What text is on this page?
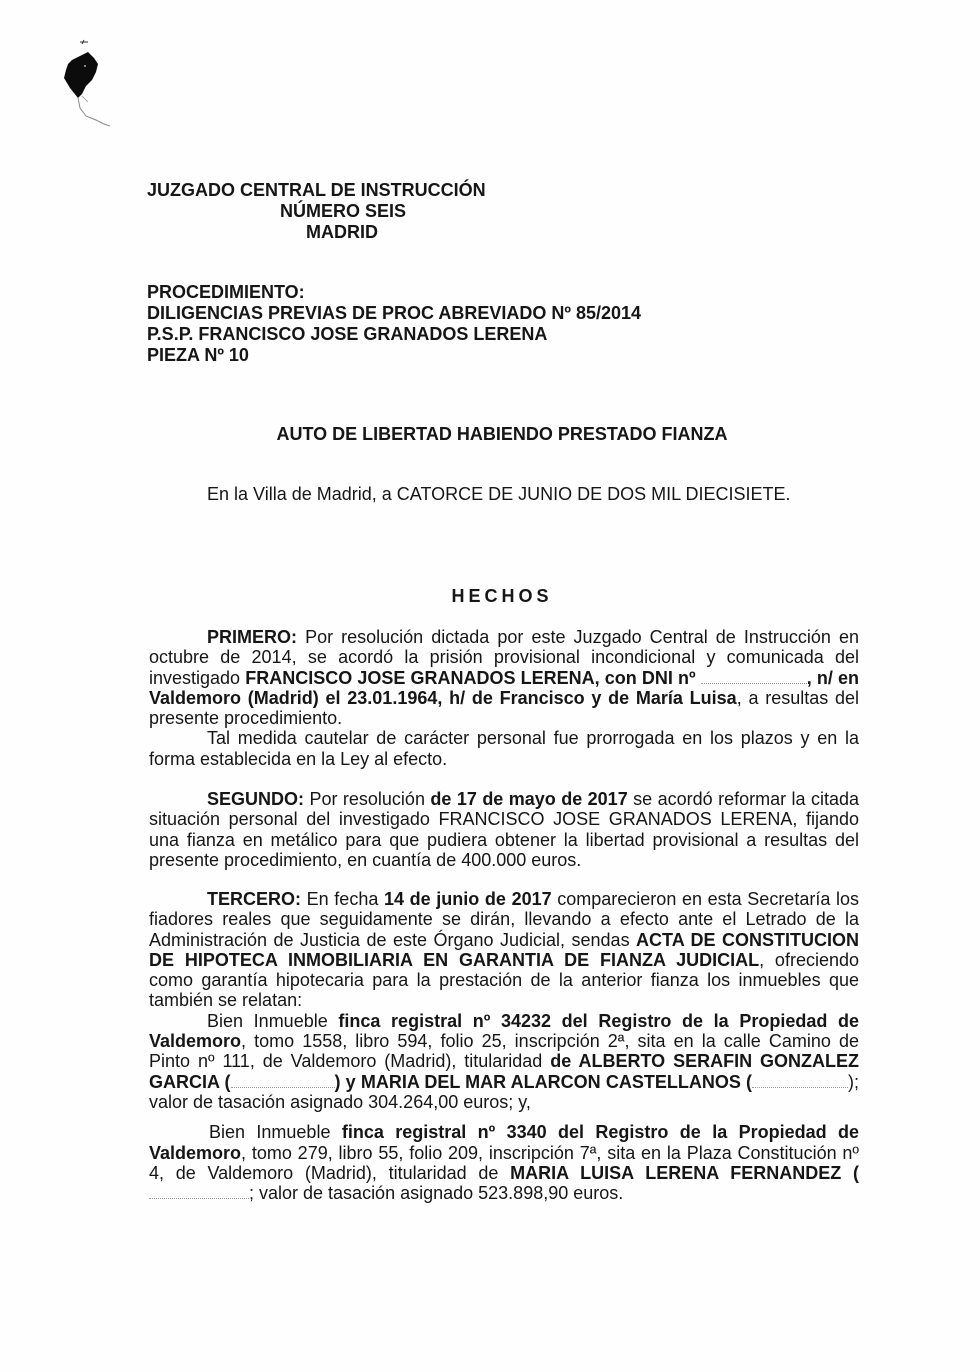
JUZGADO CENTRAL DE INSTRUCCIÓN
NÚMERO SEIS
MADRID
PROCEDIMIENTO:
DILIGENCIAS PREVIAS DE PROC ABREVIADO Nº 85/2014
P.S.P. FRANCISCO JOSE GRANADOS LERENA
PIEZA Nº 10
AUTO DE LIBERTAD HABIENDO PRESTADO FIANZA

En la Villa de Madrid, a CATORCE DE JUNIO DE DOS MIL DIECISIETE.

HECHOS

PRIMERO: Por resolución dictada por este Juzgado Central de Instrucción en octubre de 2014, se acordó la prisión provisional incondicional y comunicada del investigado FRANCISCO JOSE GRANADOS LERENA, con DNI nº	, n/ en Valdemoro (Madrid) el 23.01.1964, h/ de Francisco y de María Luisa, a resultas del presente procedimiento.

Tal medida cautelar de carácter personal fue prorrogada en los plazos y en la forma establecida en la Ley al efecto.

SEGUNDO: Por resolución de 17 de mayo de 2017 se acordó reformar la citada situación personal del investigado FRANCISCO JOSE GRANADOS LERENA, fijando una fianza en metálico para que pudiera obtener la libertad provisional a resultas del presente procedimiento, en cuantía de 400.000 euros.

TERCERO: En fecha 14 de junio de 2017 comparecieron en esta Secretaría los fiadores reales que seguidamente se dirán, llevando a efecto ante el Letrado de la Administración de Justicia de este Órgano Judicial, sendas ACTA DE CONSTITUCION DE HIPOTECA INMOBILIARIA EN GARANTIA DE FIANZA JUDICIAL, ofreciendo como garantía hipotecaria para la prestación de la anterior fianza los inmuebles que también se relatan:

Bien Inmueble finca registral nº 34232 del Registro de la Propiedad de Valdemoro, tomo 1558, libro 594, folio 25, inscripción 2ª, sita en la calle Camino de Pinto nº 111, de Valdemoro (Madrid), titularidad de ALBERTO SERAFIN GONZALEZ GARCIA (	) y MARIA DEL MAR ALARCON CASTELLANOS (	); valor de tasación asignado 304.264,00 euros; y,

Bien Inmueble finca registral nº 3340 del Registro de la Propiedad de Valdemoro, tomo 279, libro 55, folio 209, inscripción 7ª, sita en la Plaza Constitución nº 4, de Valdemoro (Madrid), titularidad de MARIA LUISA LERENA FERNANDEZ (; valor de tasación asignado 523.898,90 euros.
